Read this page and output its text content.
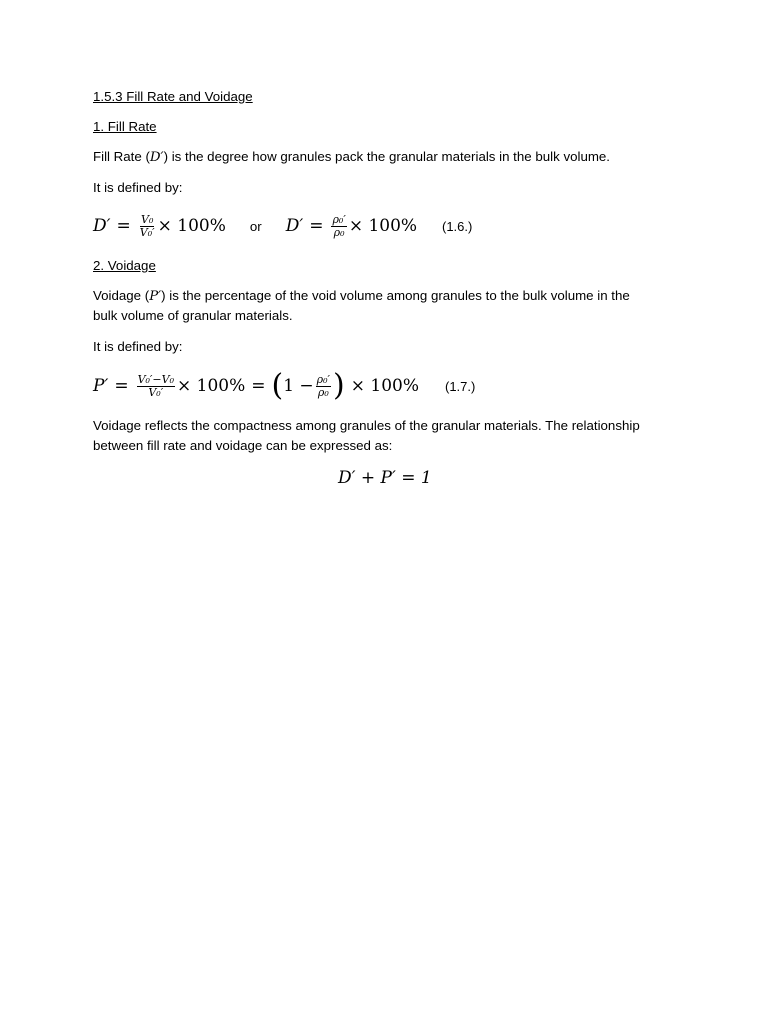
1.5.3 Fill Rate and Voidage
1. Fill Rate
Fill Rate (D′) is the degree how granules pack the granular materials in the bulk volume.
It is defined by:
$D' = \frac{\text{V₀}}{\text{V₀′}} \times 100\%$ or $D' = \frac{\text{ρ₀′}}{\text{ρ₀}} \times 100\%$ (1.6.)
2. Voidage
Voidage (P′) is the percentage of the void volume among granules to the bulk volume in the
bulk volume of granular materials.
It is defined by:
$P' = \frac{\text{V₀′−V₀}}{\text{V₀′}} \times 100\%$ = ( $1 - \frac{\text{ρ₀′}}{\text{ρ₀}}$ ) × 100% (1.7.)
Voidage reflects the compactness among granules of the granular materials. The relationship
between fill rate and voidage can be expressed as:
D′ + P′ = 1
